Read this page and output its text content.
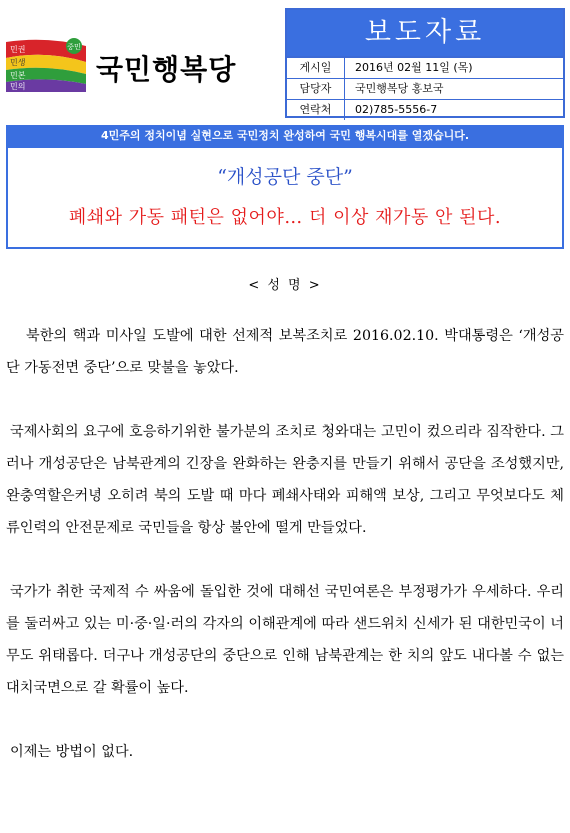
중민
민권
민생
민본
민의
국민행복당
보도자료
게시일	2016년 02월 11일 (목)
담당자	국민행복당 홍보국
연락처	02)785-5556-7
4민주의 정치이념 실현으로 국민정치 완성하여 국민 행복시대를 열겠습니다.
“개성공단 중단”
폐쇄와 가동 패턴은 없어야… 더 이상 재가동 안 된다.
< 성 명 >

북한의 핵과 미사일 도발에 대한 선제적 보복조치로 2016.02.10. 박대통령은 ‘개성공단 가동전면 중단’으로 맞불을 놓았다.

국제사회의 요구에 호응하기위한 불가분의 조치로 청와대는 고민이 컸으리라 짐작한다. 그러나 개성공단은 남북관계의 긴장을 완화하는 완충지를 만들기 위해서 공단을 조성했지만, 완충역할은커녕 오히려 북의 도발 때 마다 폐쇄사태와 피해액 보상, 그리고 무엇보다도 체류인력의 안전문제로 국민들을 항상 불안에 떨게 만들었다.

국가가 취한 국제적 수 싸움에 돌입한 것에 대해선 국민여론은 부정평가가 우세하다. 우리를 둘러싸고 있는 미·중·일·러의 각자의 이해관계에 따라 샌드위치 신세가 된 대한민국이 너무도 위태롭다. 더구나 개성공단의 중단으로 인해 남북관계는 한 치의 앞도 내다볼 수 없는 대치국면으로 갈 확률이 높다.

이제는 방법이 없다.
